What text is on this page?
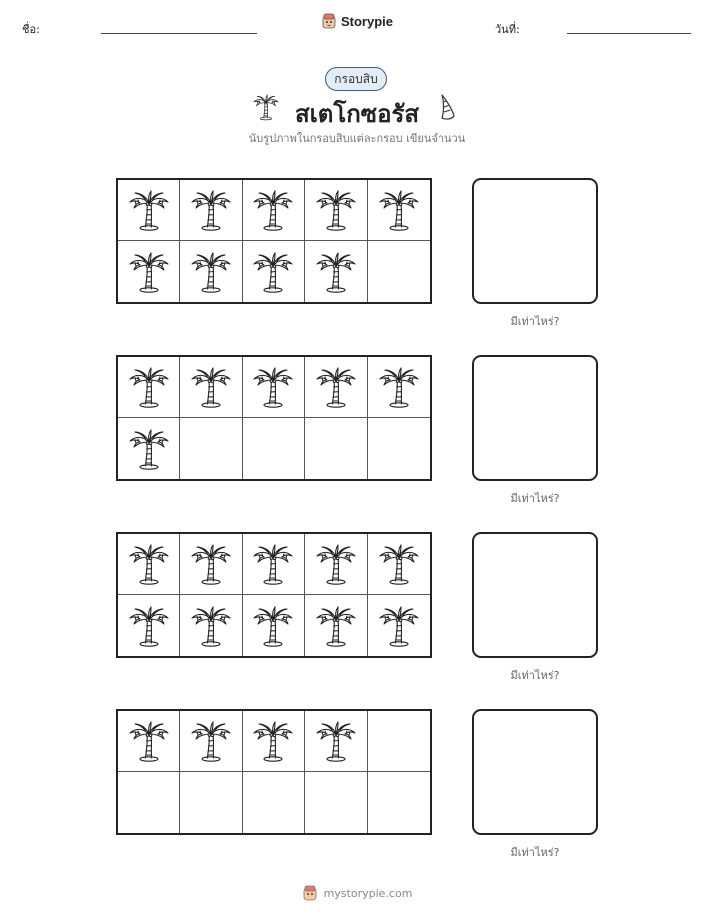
ชื่อ:
Storypie
วันที่:
กรอบสิบ
สเตโกซอรัส
นับรูปภาพในกรอบสิบแต่ละกรอบ เขียนจำนวน
มีเท่าไหร่?
มีเท่าไหร่?
มีเท่าไหร่?
มีเท่าไหร่?
mystorypie.com
